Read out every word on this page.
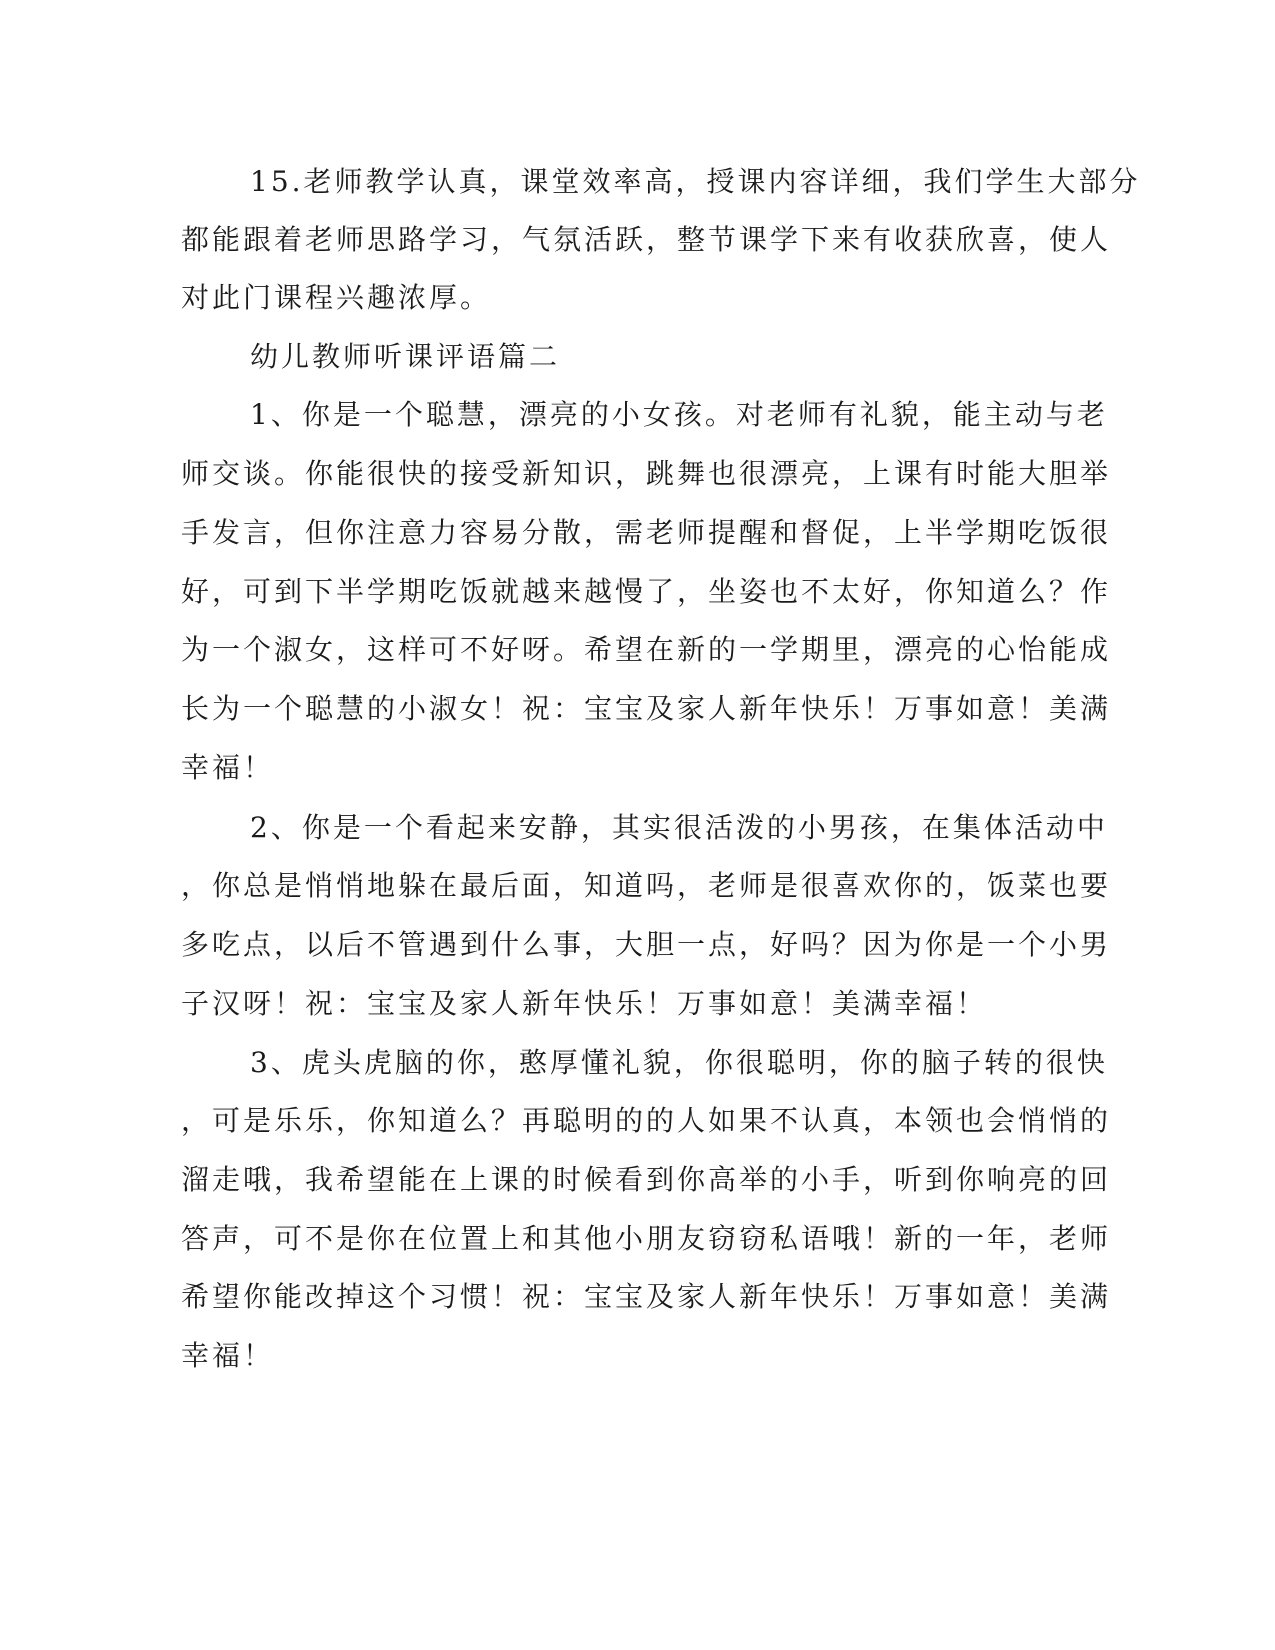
15.老师教学认真，课堂效率高，授课内容详细，我们学生大部分

都能跟着老师思路学习，气氛活跃，整节课学下来有收获欣喜，使人

对此门课程兴趣浓厚。

幼儿教师听课评语篇二

1、你是一个聪慧，漂亮的小女孩。对老师有礼貌，能主动与老

师交谈。你能很快的接受新知识，跳舞也很漂亮，上课有时能大胆举

手发言，但你注意力容易分散，需老师提醒和督促，上半学期吃饭很

好，可到下半学期吃饭就越来越慢了，坐姿也不太好，你知道么？作

为一个淑女，这样可不好呀。希望在新的一学期里，漂亮的心怡能成

长为一个聪慧的小淑女！祝：宝宝及家人新年快乐！万事如意！美满

幸福！

2、你是一个看起来安静，其实很活泼的小男孩，在集体活动中

，你总是悄悄地躲在最后面，知道吗，老师是很喜欢你的，饭菜也要

多吃点，以后不管遇到什么事，大胆一点，好吗？因为你是一个小男

子汉呀！祝：宝宝及家人新年快乐！万事如意！美满幸福！

3、虎头虎脑的你，憨厚懂礼貌，你很聪明，你的脑子转的很快

，可是乐乐，你知道么？再聪明的的人如果不认真，本领也会悄悄的

溜走哦，我希望能在上课的时候看到你高举的小手，听到你响亮的回

答声，可不是你在位置上和其他小朋友窃窃私语哦！新的一年，老师

希望你能改掉这个习惯！祝：宝宝及家人新年快乐！万事如意！美满

幸福！
